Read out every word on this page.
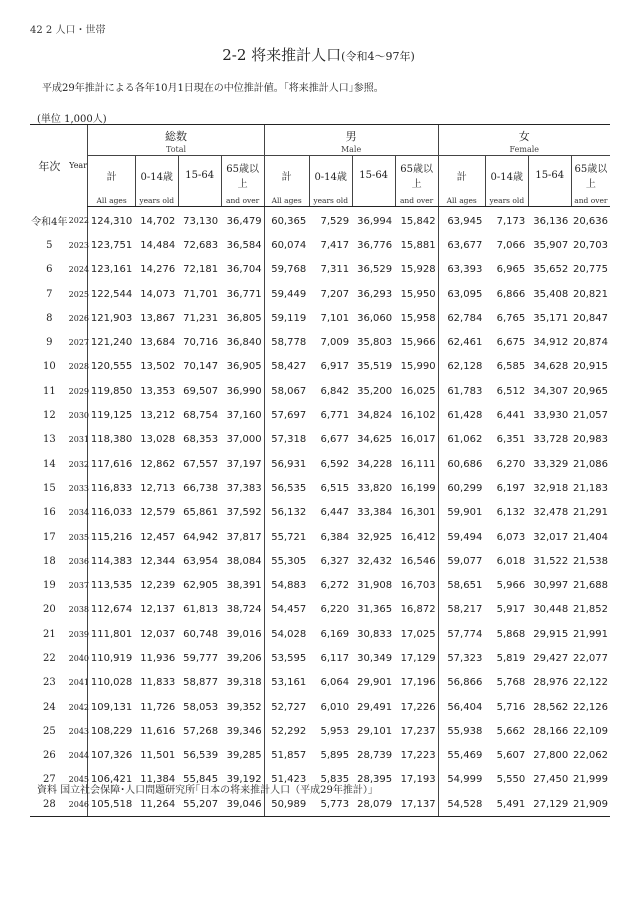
42 2 人口・世帯
2-2 将来推計人口(令和4～97年)
平成29年推計による各年10月1日現在の中位推計値。｢将来推計人口｣参照。
(単位 1,000人)
年次	Year	総数				男				女			
		Total				Male				Female			
		計	0-14歳	15-64	65歳以上	計	0-14歳	15-64	65歳以上	計	0-14歳	15-64	65歳以上
		All ages	years old		and over	All ages	years old		and over	All ages	years old		and over
令和4年	2022	124,310	14,702	73,130	36,479	60,365	7,529	36,994	15,842	63,945	7,173	36,136	20,636
5	2023	123,751	14,484	72,683	36,584	60,074	7,417	36,776	15,881	63,677	7,066	35,907	20,703
6	2024	123,161	14,276	72,181	36,704	59,768	7,311	36,529	15,928	63,393	6,965	35,652	20,775
7	2025	122,544	14,073	71,701	36,771	59,449	7,207	36,293	15,950	63,095	6,866	35,408	20,821
8	2026	121,903	13,867	71,231	36,805	59,119	7,101	36,060	15,958	62,784	6,765	35,171	20,847
9	2027	121,240	13,684	70,716	36,840	58,778	7,009	35,803	15,966	62,461	6,675	34,912	20,874
10	2028	120,555	13,502	70,147	36,905	58,427	6,917	35,519	15,990	62,128	6,585	34,628	20,915
11	2029	119,850	13,353	69,507	36,990	58,067	6,842	35,200	16,025	61,783	6,512	34,307	20,965
12	2030	119,125	13,212	68,754	37,160	57,697	6,771	34,824	16,102	61,428	6,441	33,930	21,057
13	2031	118,380	13,028	68,353	37,000	57,318	6,677	34,625	16,017	61,062	6,351	33,728	20,983
14	2032	117,616	12,862	67,557	37,197	56,931	6,592	34,228	16,111	60,686	6,270	33,329	21,086
15	2033	116,833	12,713	66,738	37,383	56,535	6,515	33,820	16,199	60,299	6,197	32,918	21,183
16	2034	116,033	12,579	65,861	37,592	56,132	6,447	33,384	16,301	59,901	6,132	32,478	21,291
17	2035	115,216	12,457	64,942	37,817	55,721	6,384	32,925	16,412	59,494	6,073	32,017	21,404
18	2036	114,383	12,344	63,954	38,084	55,305	6,327	32,432	16,546	59,077	6,018	31,522	21,538
19	2037	113,535	12,239	62,905	38,391	54,883	6,272	31,908	16,703	58,651	5,966	30,997	21,688
20	2038	112,674	12,137	61,813	38,724	54,457	6,220	31,365	16,872	58,217	5,917	30,448	21,852
21	2039	111,801	12,037	60,748	39,016	54,028	6,169	30,833	17,025	57,774	5,868	29,915	21,991
22	2040	110,919	11,936	59,777	39,206	53,595	6,117	30,349	17,129	57,323	5,819	29,427	22,077
23	2041	110,028	11,833	58,877	39,318	53,161	6,064	29,901	17,196	56,866	5,768	28,976	22,122
24	2042	109,131	11,726	58,053	39,352	52,727	6,010	29,491	17,226	56,404	5,716	28,562	22,126
25	2043	108,229	11,616	57,268	39,346	52,292	5,953	29,101	17,237	55,938	5,662	28,166	22,109
26	2044	107,326	11,501	56,539	39,285	51,857	5,895	28,739	17,223	55,469	5,607	27,800	22,062
27	2045	106,421	11,384	55,845	39,192	51,423	5,835	28,395	17,193	54,999	5,550	27,450	21,999
28	2046	105,518	11,264	55,207	39,046	50,989	5,773	28,079	17,137	54,528	5,491	27,129	21,909
資料 国立社会保障･人口問題研究所｢日本の将来推計人口（平成29年推計）｣
